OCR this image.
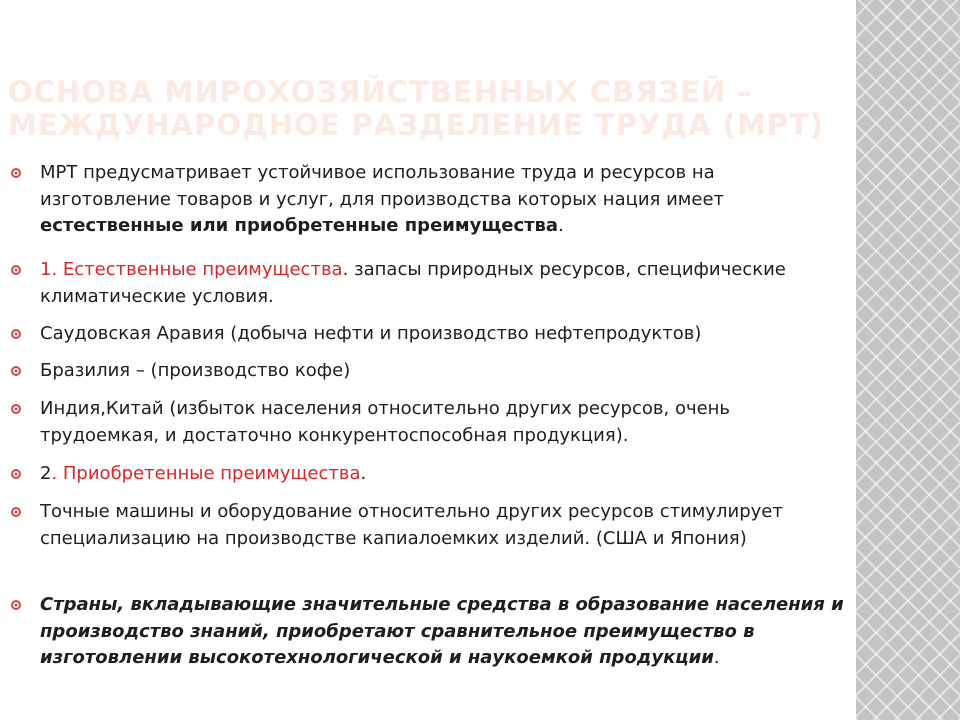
ОСНОВА МИРОХОЗЯЙСТВЕННЫХ СВЯЗЕЙ –
МЕЖДУНАРОДНОЕ РАЗДЕЛЕНИЕ ТРУДА (МРТ)
МРТ предусматривает устойчивое использование труда и ресурсов на изготовление товаров и услуг, для производства которых нация имеет естественные или приобретенные преимущества.
1. Естественные преимущества. запасы природных ресурсов, специфические климатические условия.
Саудовская Аравия (добыча нефти и производство нефтепродуктов)
Бразилия – (производство кофе)
Индия,Китай (избыток населения относительно других ресурсов, очень трудоемкая, и достаточно конкурентоспособная продукция).
2. Приобретенные преимущества.
Точные машины и оборудование относительно других ресурсов стимулирует специализацию на производстве капиалоемких изделий. (США и Япония)
Страны, вкладывающие значительные средства в образование населения и производство знаний, приобретают сравнительное преимущество в изготовлении высокотехнологической и наукоемкой продукции.
